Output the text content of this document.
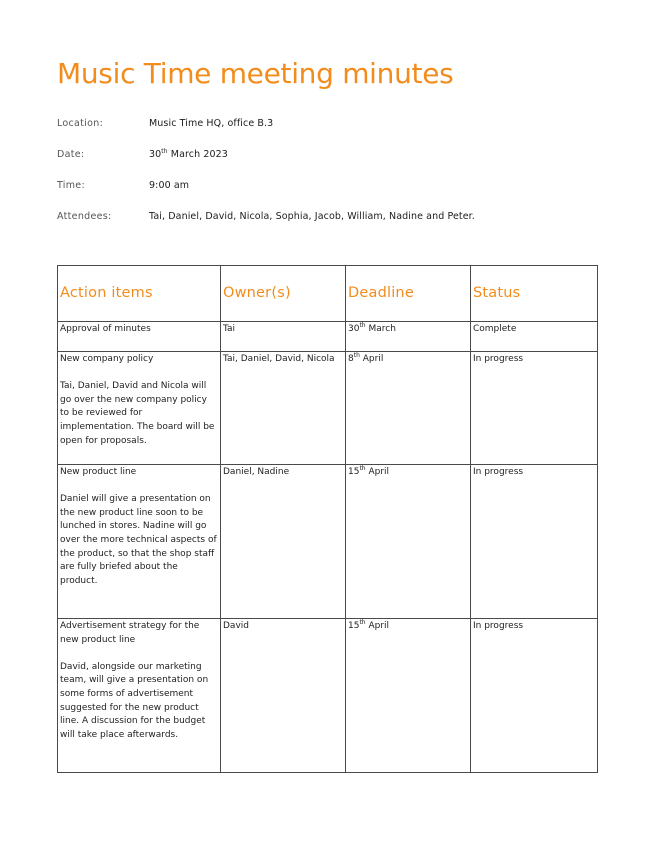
Music Time meeting minutes
Location:	Music Time HQ, office B.3
Date:	30th March 2023
Time:	9:00 am
Attendees:	Tai, Daniel, David, Nicola, Sophia, Jacob, William, Nadine and Peter.
Action items	Owner(s)	Deadline	Status

Approval of minutes	Tai	30th March	Complete

New company policy
Tai, Daniel, David and Nicola will go over the new company policy to be reviewed for implementation. The board will be open for proposals.	Tai, Daniel, David, Nicola	8th April	In progress

New product line
Daniel will give a presentation on the new product line soon to be lunched in stores. Nadine will go over the more technical aspects of the product, so that the shop staff are fully briefed about the product.	Daniel, Nadine	15th April	In progress

Advertisement strategy for the new product line
David, alongside our marketing team, will give a presentation on some forms of advertisement suggested for the new product line. A discussion for the budget will take place afterwards.	David	15th April	In progress
